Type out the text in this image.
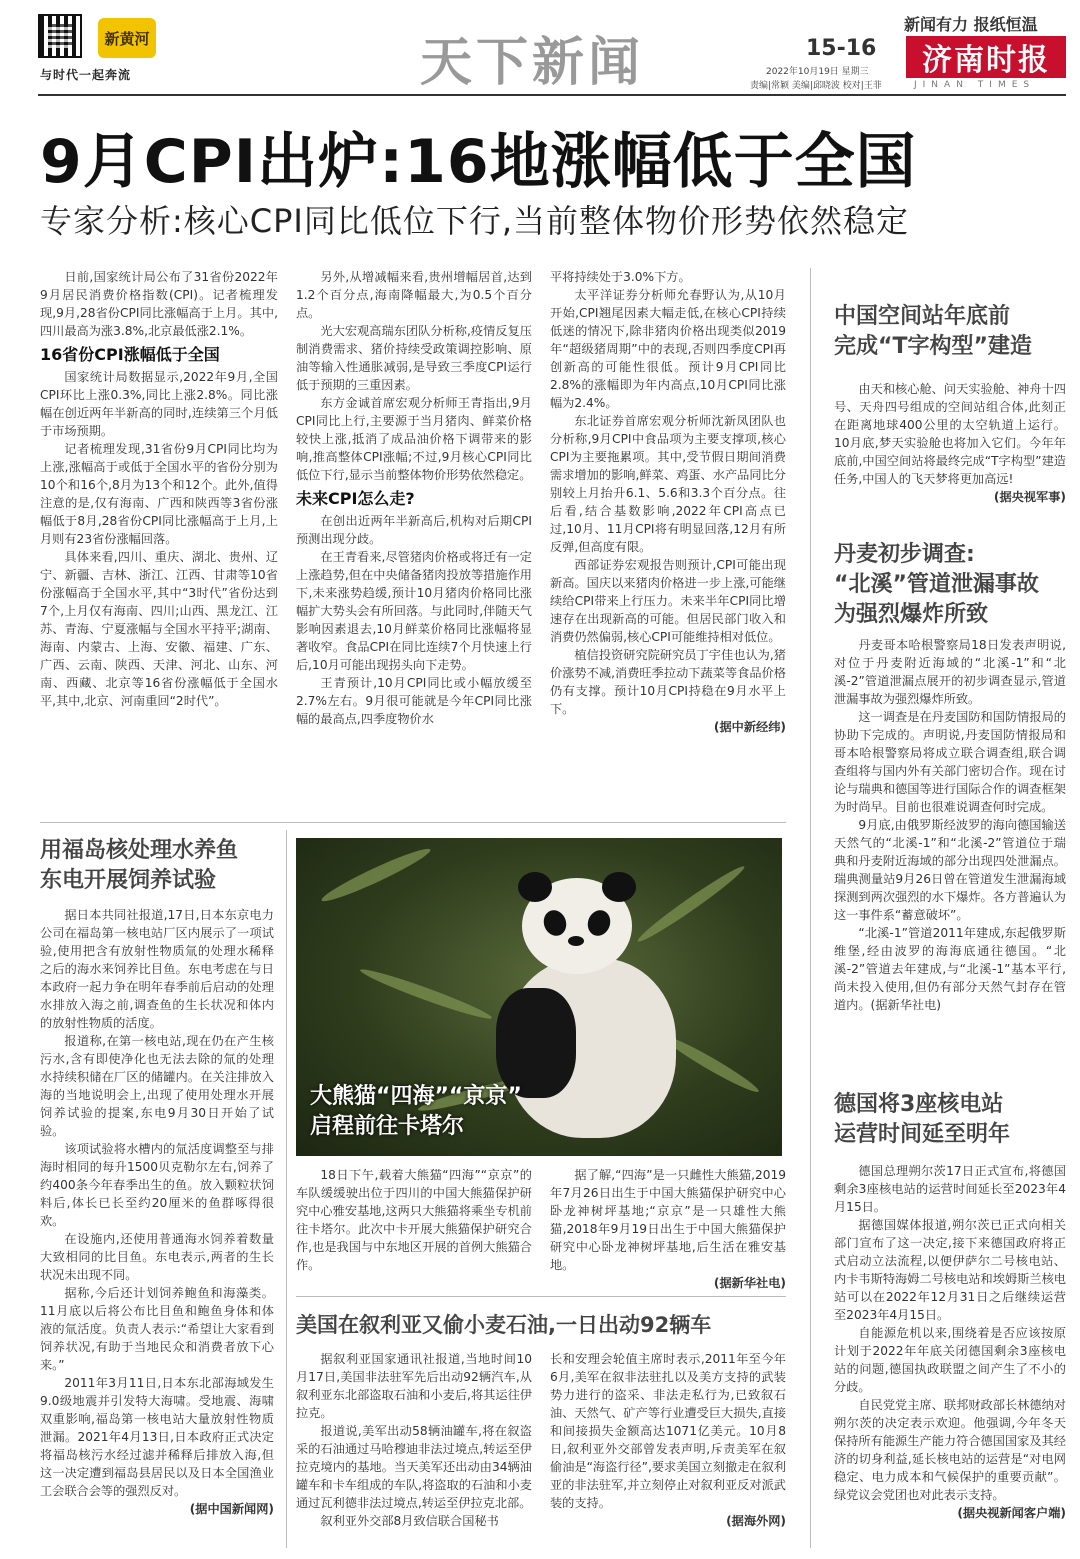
新黄河
与时代一起奔流	天下新闻	15-16
2022年10月19日 星期三
责编|常颖 美编|邱晓波 校对|王菲
新闻有力 报纸恒温
济南时报
JINAN TIMES
9月CPI出炉:16地涨幅低于全国
专家分析:核心CPI同比低位下行,当前整体物价形势依然稳定

日前,国家统计局公布了31省份2022年9月居民消费价格指数(CPI)。记者梳理发现,9月,28省份CPI同比涨幅高于上月。其中,四川最高为涨3.8%,北京最低涨2.1%。

16省份CPI涨幅低于全国

国家统计局数据显示,2022年9月,全国CPI环比上涨0.3%,同比上涨2.8%。同比涨幅在创近两年半新高的同时,连续第三个月低于市场预期。

记者梳理发现,31省份9月CPI同比均为上涨,涨幅高于或低于全国水平的省份分别为10个和16个,8月为13个和12个。此外,值得注意的是,仅有海南、广西和陕西等3省份涨幅低于8月,28省份CPI同比涨幅高于上月,上月则有23省份涨幅回落。

具体来看,四川、重庆、湖北、贵州、辽宁、新疆、吉林、浙江、江西、甘肃等10省份涨幅高于全国水平,其中“3时代”省份达到7个,上月仅有海南、四川;山西、黑龙江、江苏、青海、宁夏涨幅与全国水平持平;湖南、海南、内蒙古、上海、安徽、福建、广东、广西、云南、陕西、天津、河北、山东、河南、西藏、北京等16省份涨幅低于全国水平,其中,北京、河南重回“2时代”。

另外,从增减幅来看,贵州增幅居首,达到1.2个百分点,海南降幅最大,为0.5个百分点。

光大宏观高瑞东团队分析称,疫情反复压制消费需求、猪价持续受政策调控影响、原油等输入性通胀减弱,是导致三季度CPI运行低于预期的三重因素。

东方金诚首席宏观分析师王青指出,9月CPI同比上行,主要源于当月猪肉、鲜菜价格较快上涨,抵消了成品油价格下调带来的影响,推高整体CPI涨幅;不过,9月核心CPI同比低位下行,显示当前整体物价形势依然稳定。

未来CPI怎么走?

在创出近两年半新高后,机构对后期CPI预测出现分歧。

在王青看来,尽管猪肉价格或将迁有一定上涨趋势,但在中央储备猪肉投放等措施作用下,未来涨势趋缓,预计10月猪肉价格同比涨幅扩大势头会有所回落。与此同时,伴随天气影响因素退去,10月鲜菜价格同比涨幅将显著收窄。食品CPI在同比连续7个月快速上行后,10月可能出现拐头向下走势。

王青预计,10月CPI同比或小幅放缓至2.7%左右。9月很可能就是今年CPI同比涨幅的最高点,四季度物价水

平将持续处于3.0%下方。

太平洋证券分析师允春野认为,从10月开始,CPI翘尾因素大幅走低,在核心CPI持续低迷的情况下,除非猪肉价格出现类似2019年“超级猪周期”中的表现,否则四季度CPI再创新高的可能性很低。预计9月CPI同比2.8%的涨幅即为年内高点,10月CPI同比涨幅为2.4%。

东北证券首席宏观分析师沈新凤团队也分析称,9月CPI中食品项为主要支撑项,核心CPI为主要拖累项。其中,受节假日期间消费需求增加的影响,鲜菜、鸡蛋、水产品同比分别较上月抬升6.1、5.6和3.3个百分点。往后看,结合基数影响,2022年CPI高点已过,10月、11月CPI将有明显回落,12月有所反弹,但高度有限。

西部证券宏观报告则预计,CPI可能出现新高。国庆以来猪肉价格进一步上涨,可能继续给CPI带来上行压力。未来半年CPI同比增速存在出现新高的可能。但居民部门收入和消费仍然偏弱,核心CPI可能维持相对低位。

植信投资研究院研究员丁宇佳也认为,猪价涨势不减,消费旺季拉动下蔬菜等食品价格仍有支撑。预计10月CPI持稳在9月水平上下。

(据中新经纬)

用福岛核处理水养鱼
东电开展饲养试验

据日本共同社报道,17日,日本东京电力公司在福岛第一核电站厂区内展示了一项试验,使用把含有放射性物质氚的处理水稀释之后的海水来饲养比目鱼。东电考虑在与日本政府一起力争在明年春季前后启动的处理水排放入海之前,调查鱼的生长状况和体内的放射性物质的活度。

报道称,在第一核电站,现在仍在产生核污水,含有即使净化也无法去除的氚的处理水持续积储在厂区的储罐内。在关注排放入海的当地说明会上,出现了使用处理水开展饲养试验的提案,东电9月30日开始了试验。

该项试验将水槽内的氚活度调整至与排海时相同的每升1500贝克勒尔左右,饲养了约400条今年春季出生的鱼。放入颗粒状饲料后,体长已长至约20厘米的鱼群啄得很欢。

在设施内,还使用普通海水饲养着数量大致相同的比目鱼。东电表示,两者的生长状况未出现不同。

据称,今后还计划饲养鲍鱼和海藻类。11月底以后将公布比目鱼和鲍鱼身体和体液的氚活度。负责人表示:“希望让大家看到饲养状况,有助于当地民众和消费者放下心来。”

2011年3月11日,日本东北部海域发生9.0级地震并引发特大海啸。受地震、海啸双重影响,福岛第一核电站大量放射性物质泄漏。2021年4月13日,日本政府正式决定将福岛核污水经过滤并稀释后排放入海,但这一决定遭到福岛县居民以及日本全国渔业工会联合会等的强烈反对。

(据中国新闻网)

大熊猫“四海”“京京”
启程前往卡塔尔

18日下午,载着大熊猫“四海”“京京”的车队缓缓驶出位于四川的中国大熊猫保护研究中心雅安基地,这两只大熊猫将乘坐专机前往卡塔尔。此次中卡开展大熊猫保护研究合作,也是我国与中东地区开展的首例大熊猫合作。

据了解,“四海”是一只雌性大熊猫,2019年7月26日出生于中国大熊猫保护研究中心卧龙神树坪基地;“京京”是一只雄性大熊猫,2018年9月19日出生于中国大熊猫保护研究中心卧龙神树坪基地,后生活在雅安基地。

(据新华社电)

美国在叙利亚又偷小麦石油,一日出动92辆车

据叙利亚国家通讯社报道,当地时间10月17日,美国非法驻军先后出动92辆汽车,从叙利亚东北部盗取石油和小麦后,将其运往伊拉克。

报道说,美军出动58辆油罐车,将在叙盗采的石油通过马哈穆迪非法过境点,转运至伊拉克境内的基地。当天美军还出动由34辆油罐车和卡车组成的车队,将盗取的石油和小麦通过瓦利德非法过境点,转运至伊拉克北部。

叙利亚外交部8月致信联合国秘书

长和安理会轮值主席时表示,2011年至今年6月,美军在叙非法驻扎以及美方支持的武装势力进行的盗采、非法走私行为,已致叙石油、天然气、矿产等行业遭受巨大损失,直接和间接损失金额高达1071亿美元。10月8日,叙利亚外交部曾发表声明,斥责美军在叙偷油是“海盗行径”,要求美国立刻撤走在叙利亚的非法驻军,并立刻停止对叙利亚反对派武装的支持。

(据海外网)

中国空间站年底前
完成“T字构型”建造

由天和核心舱、问天实验舱、神舟十四号、天舟四号组成的空间站组合体,此刻正在距离地球400公里的太空轨道上运行。10月底,梦天实验舱也将加入它们。今年年底前,中国空间站将最终完成“T字构型”建造任务,中国人的飞天梦将更加高远!

(据央视军事)

丹麦初步调查:
“北溪”管道泄漏事故
为强烈爆炸所致

丹麦哥本哈根警察局18日发表声明说,对位于丹麦附近海域的“北溪-1”和“北溪-2”管道泄漏点展开的初步调查显示,管道泄漏事故为强烈爆炸所致。

这一调查是在丹麦国防和国防情报局的协助下完成的。声明说,丹麦国防情报局和哥本哈根警察局将成立联合调查组,联合调查组将与国内外有关部门密切合作。现在讨论与瑞典和德国等进行国际合作的调查框架为时尚早。目前也很难说调查何时完成。

9月底,由俄罗斯经波罗的海向德国输送天然气的“北溪-1”和“北溪-2”管道位于瑞典和丹麦附近海域的部分出现四处泄漏点。瑞典测量站9月26日曾在管道发生泄漏海域探测到两次强烈的水下爆炸。各方普遍认为这一事件系“蓄意破坏”。

“北溪-1”管道2011年建成,东起俄罗斯维堡,经由波罗的海海底通往德国。“北溪-2”管道去年建成,与“北溪-1”基本平行,尚未投入使用,但仍有部分天然气封存在管道内。(据新华社电)

德国将3座核电站
运营时间延至明年

德国总理朔尔茨17日正式宣布,将德国剩余3座核电站的运营时间延长至2023年4月15日。

据德国媒体报道,朔尔茨已正式向相关部门宣布了这一决定,接下来德国政府将正式启动立法流程,以便伊萨尔二号核电站、内卡韦斯特海姆二号核电站和埃姆斯兰核电站可以在2022年12月31日之后继续运营至2023年4月15日。

自能源危机以来,围绕着是否应该按原计划于2022年年底关闭德国剩余3座核电站的问题,德国执政联盟之间产生了不小的分歧。

自民党党主席、联邦财政部长林德纳对朔尔茨的决定表示欢迎。他强调,今年冬天保持所有能源生产能力符合德国国家及其经济的切身利益,延长核电站的运营是“对电网稳定、电力成本和气候保护的重要贡献”。绿党议会党团也对此表示支持。

(据央视新闻客户端)
